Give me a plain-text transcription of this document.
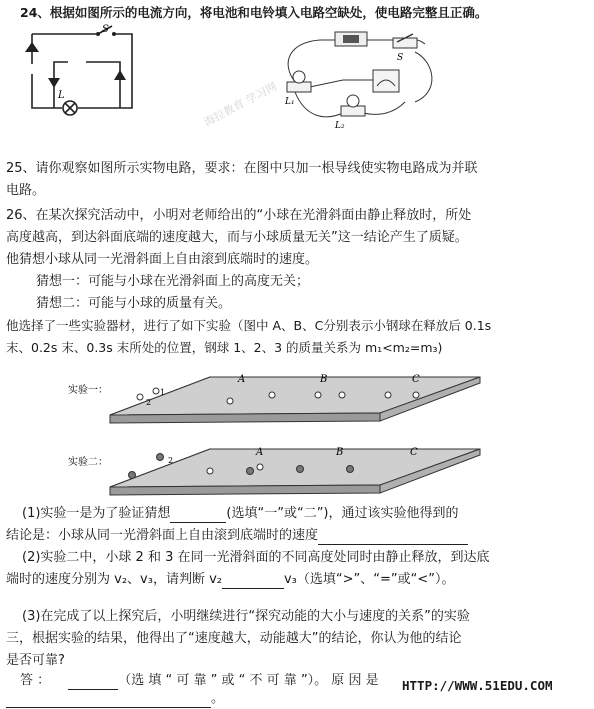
24、根据如图所示的电流方向，将电池和电铃填入电路空缺处，使电路完整且正确。
S
L
S
L₁
L₂
海拉教育 学习网
25、请你观察如图所示实物电路，要求：在图中只加一根导线使实物电路成为并联
电路。
26、在某次探究活动中，小明对老师给出的“小球在光滑斜面由静止释放时，所处
高度越高，到达斜面底端的速度越大，而与小球质量无关”这一结论产生了质疑。
他猜想小球从同一光滑斜面上自由滚到底端时的速度。
猜想一：可能与小球在光滑斜面上的高度无关；
猜想二：可能与小球的质量有关。
他选择了一些实验器材，进行了如下实验（图中 A、B、C分别表示小钢球在释放后 0.1s
末、0.2s 末、0.3s 末所处的位置，钢球 1、2、3 的质量关系为 m₁<m₂=m₃)
实验一：	1
2
A	B	C
实验二：	2
A	B	C
(1)实验一是为了验证猜想	(选填“一”或“二”)，通过该实验他得到的
结论是：小球从同一光滑斜面上自由滚到底端时的速度
(2)实验二中，小球 2 和 3 在同一光滑斜面的不同高度处同时由静止释放，到达底
端时的速度分别为 v₂、v₃，请判断 v₂	v₃（选填“>”、“=”或“<”）。
(3)在完成了以上探究后，小明继续进行“探究动能的大小与速度的关系”的实验
三，根据实验的结果，他得出了“速度越大，动能越大”的结论，你认为他的结论
是否可靠?
答 ：	（选 填 “ 可 靠 ” 或 “ 不 可 靠 ”）。 原 因 是
。
HTTP://WWW.51EDU.COM
